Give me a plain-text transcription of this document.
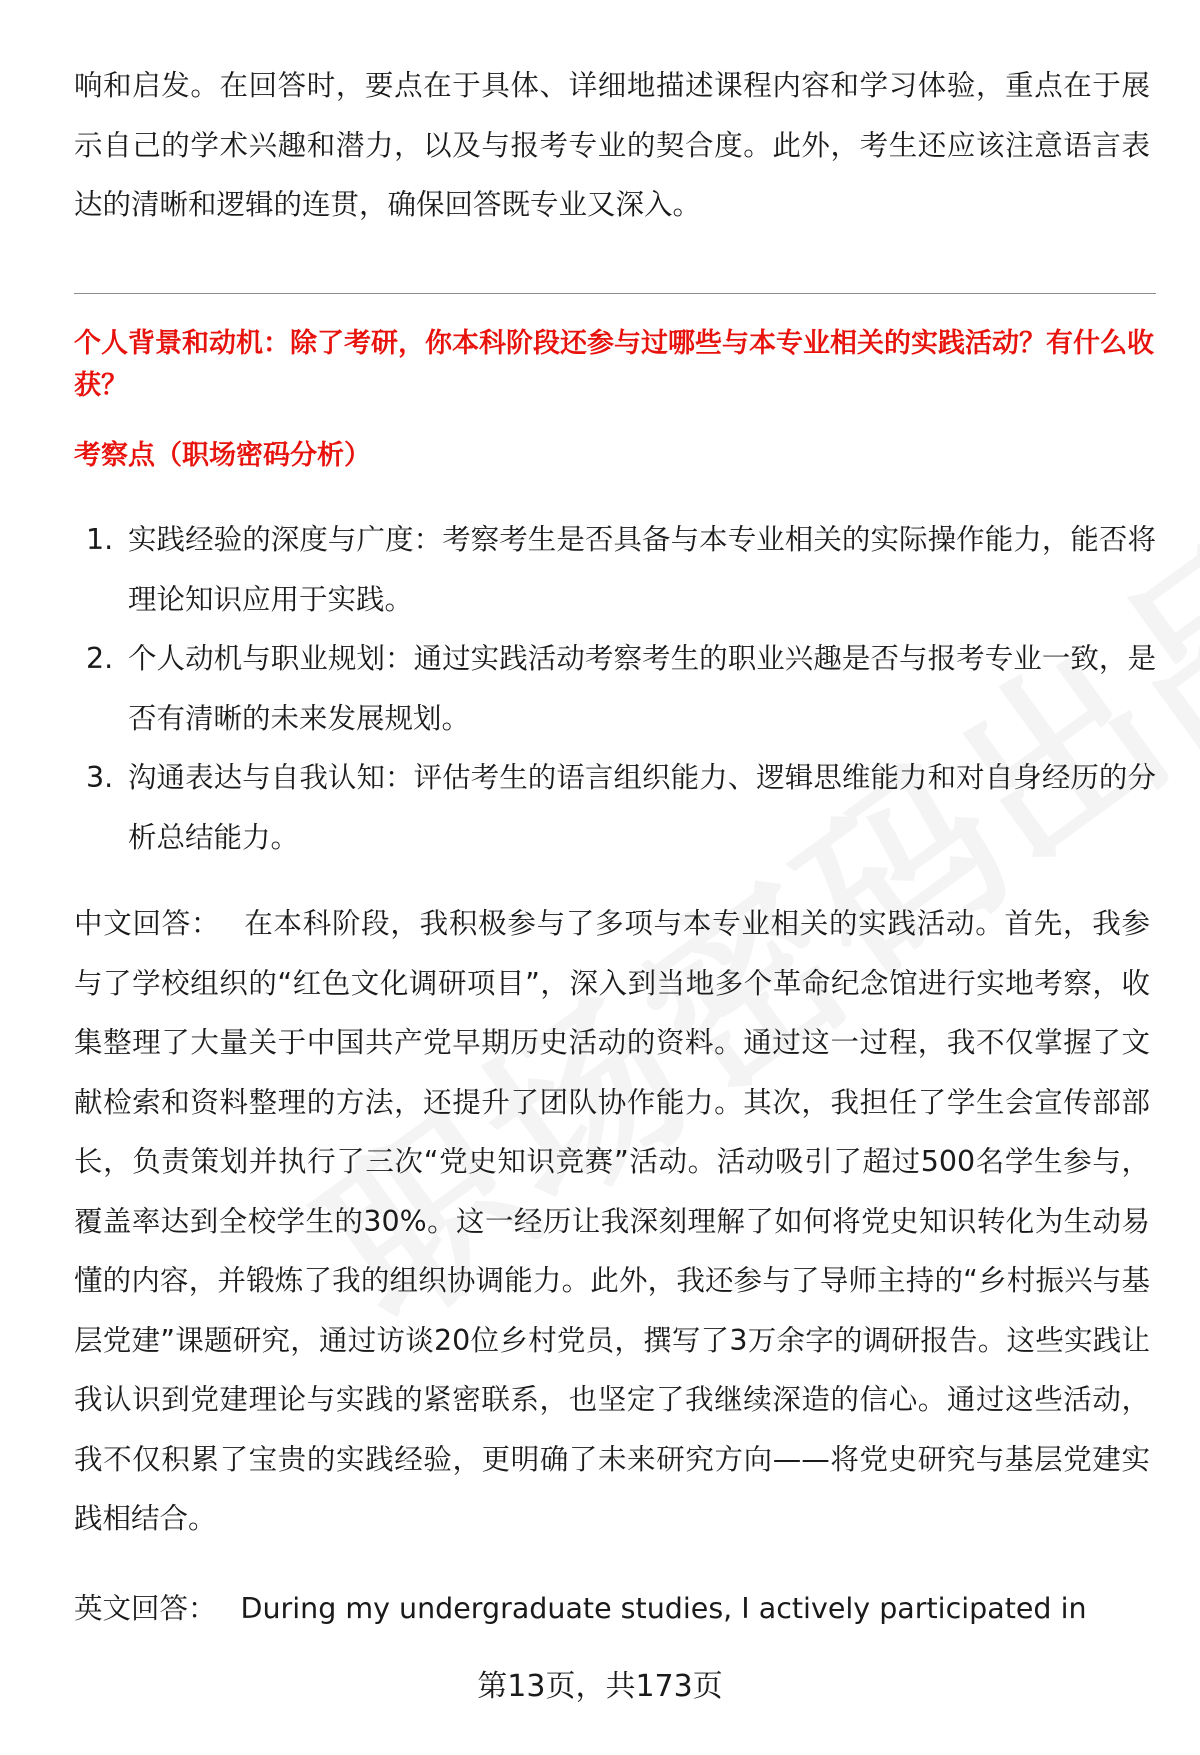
响和启发。在回答时，要点在于具体、详细地描述课程内容和学习体验，重点在于展示自己的学术兴趣和潜力，以及与报考专业的契合度。此外，考生还应该注意语言表达的清晰和逻辑的连贯，确保回答既专业又深入。

个人背景和动机：除了考研，你本科阶段还参与过哪些与本专业相关的实践活动？有什么收获？
考察点（职场密码分析）
1. 实践经验的深度与广度：考察考生是否具备与本专业相关的实际操作能力，能否将理论知识应用于实践。
2. 个人动机与职业规划：通过实践活动考察考生的职业兴趣是否与报考专业一致，是否有清晰的未来发展规划。
3. 沟通表达与自我认知：评估考生的语言组织能力、逻辑思维能力和对自身经历的分析总结能力。

中文回答： 在本科阶段，我积极参与了多项与本专业相关的实践活动。首先，我参与了学校组织的“红色文化调研项目”，深入到当地多个革命纪念馆进行实地考察，收集整理了大量关于中国共产党早期历史活动的资料。通过这一过程，我不仅掌握了文献检索和资料整理的方法，还提升了团队协作能力。其次，我担任了学生会宣传部部长，负责策划并执行了三次“党史知识竞赛”活动。活动吸引了超过500名学生参与，覆盖率达到全校学生的30%。这一经历让我深刻理解了如何将党史知识转化为生动易懂的内容，并锻炼了我的组织协调能力。此外，我还参与了导师主持的“乡村振兴与基层党建”课题研究，通过访谈20位乡村党员，撰写了3万余字的调研报告。这些实践让我认识到党建理论与实践的紧密联系，也坚定了我继续深造的信心。通过这些活动，我不仅积累了宝贵的实践经验，更明确了未来研究方向——将党史研究与基层党建实践相结合。

英文回答： During my undergraduate studies, I actively participated in

第13页，共173页
